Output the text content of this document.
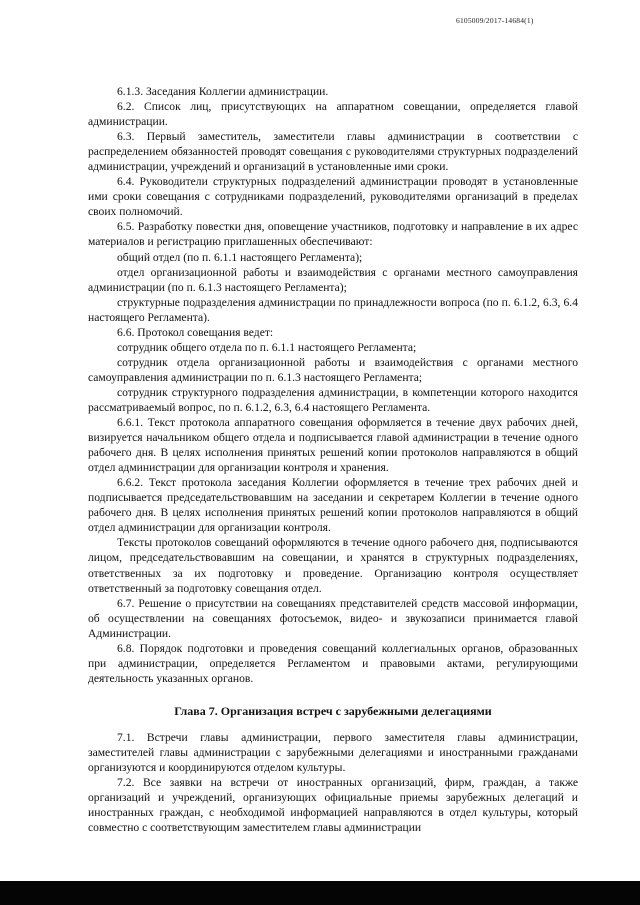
6105009/2017-14684(1)

6.1.3. Заседания Коллегии администрации.

6.2. Список лиц, присутствующих на аппаратном совещании, определяется главой администрации.

6.3. Первый заместитель, заместители главы администрации в соответствии с распределением обязанностей проводят совещания с руководителями структурных подразделений администрации, учреждений и организаций в установленные ими сроки.

6.4. Руководители структурных подразделений администрации проводят в установленные ими сроки совещания с сотрудниками подразделений, руководителями организаций в пределах своих полномочий.

6.5. Разработку повестки дня, оповещение участников, подготовку и направление в их адрес материалов и регистрацию приглашенных обеспечивают:

общий отдел (по п. 6.1.1 настоящего Регламента);

отдел организационной работы и взаимодействия с органами местного самоуправления администрации (по п. 6.1.3 настоящего Регламента);

структурные подразделения администрации по принадлежности вопроса (по п. 6.1.2, 6.3, 6.4 настоящего Регламента).

6.6. Протокол совещания ведет:

сотрудник общего отдела по п. 6.1.1 настоящего Регламента;

сотрудник отдела организационной работы и взаимодействия с органами местного самоуправления администрации по п. 6.1.3 настоящего Регламента;

сотрудник структурного подразделения администрации, в компетенции которого находится рассматриваемый вопрос, по п. 6.1.2, 6.3, 6.4 настоящего Регламента.

6.6.1. Текст протокола аппаратного совещания оформляется в течение двух рабочих дней, визируется начальником общего отдела и подписывается главой администрации в течение одного рабочего дня. В целях исполнения принятых решений копии протоколов направляются в общий отдел администрации для организации контроля и хранения.

6.6.2. Текст протокола заседания Коллегии оформляется в течение трех рабочих дней и подписывается председательствовавшим на заседании и секретарем Коллегии в течение одного рабочего дня. В целях исполнения принятых решений копии протоколов направляются в общий отдел администрации для организации контроля.

Тексты протоколов совещаний оформляются в течение одного рабочего дня, подписываются лицом, председательствовавшим на совещании, и хранятся в структурных подразделениях, ответственных за их подготовку и проведение. Организацию контроля осуществляет ответственный за подготовку совещания отдел.

6.7. Решение о присутствии на совещаниях представителей средств массовой информации, об осуществлении на совещаниях фотосъемок, видео- и звукозаписи принимается главой Администрации.

6.8. Порядок подготовки и проведения совещаний коллегиальных органов, образованных при администрации, определяется Регламентом и правовыми актами, регулирующими деятельность указанных органов.

Глава 7. Организация встреч с зарубежными делегациями

7.1. Встречи главы администрации, первого заместителя главы администрации, заместителей главы администрации с зарубежными делегациями и иностранными гражданами организуются и координируются отделом культуры.

7.2. Все заявки на встречи от иностранных организаций, фирм, граждан, а также организаций и учреждений, организующих официальные приемы зарубежных делегаций и иностранных граждан, с необходимой информацией направляются в отдел культуры, который совместно с соответствующим заместителем главы администрации
